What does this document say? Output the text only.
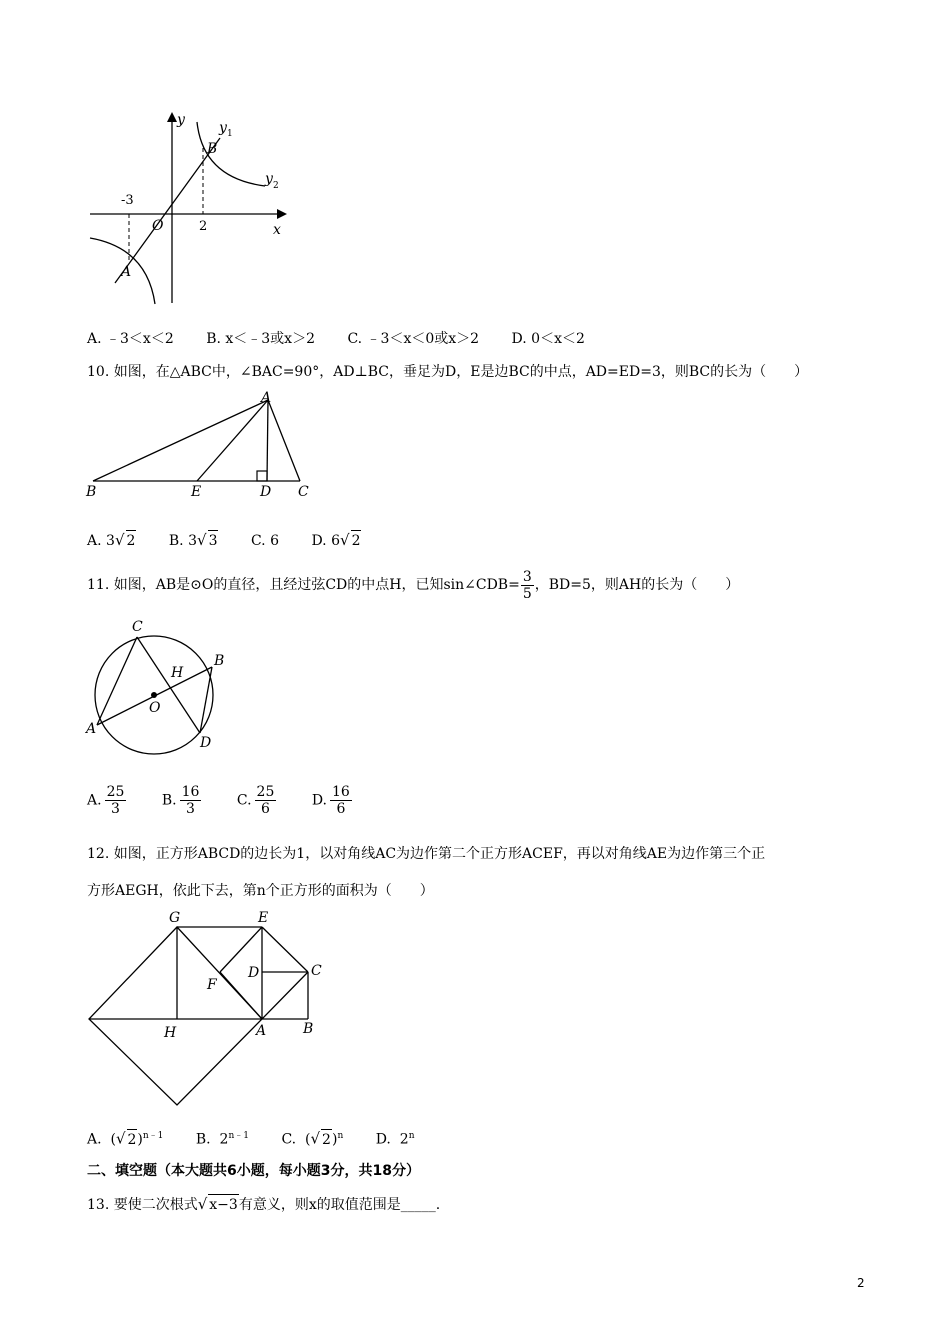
y y 1
y 2
B
-3
O	2	x
A
A. ﹣3＜x＜2 B. x＜﹣3或x＞2 C. ﹣3＜x＜0或x＞2 D. 0＜x＜2
10. 如图，在△ABC中，∠BAC=90°，AD⊥BC，垂足为D，E是边BC的中点，AD=ED=3，则BC的长为（　　）
A
B	E	D C
A. 3√ 2 B. 3√ 3 C. 6 D. 6√ 2
11. 如图，AB是⊙O的直径，且经过弦CD的中点H，已知sin∠CDB= $\frac{3}{5}$ ，BD=5，则AH的长为（　　）
C
B
H
O
A
D
A. $\frac{25}{3}$	B. $\frac{16}{3}$	C. $\frac{25}{6}$	D. $\frac{16}{6}$
12. 如图，正方形ABCD的边长为1，以对角线AC为边作第二个正方形ACEF，再以对角线AE为边作第三个正
方形AEGH，依此下去，第n个正方形的面积为（　　）
G	E
D	C
F
H	A	B
A.  (√ 2)$^{n﹣1}$ B. $2^{n﹣1}$ C.  (√ 2)$^n$ D. 2$^n$
二、填空题（本大题共6小题，每小题3分，共18分）
13. 要使二次根式√ x−3有意义，则x的取值范围是_____.
2
